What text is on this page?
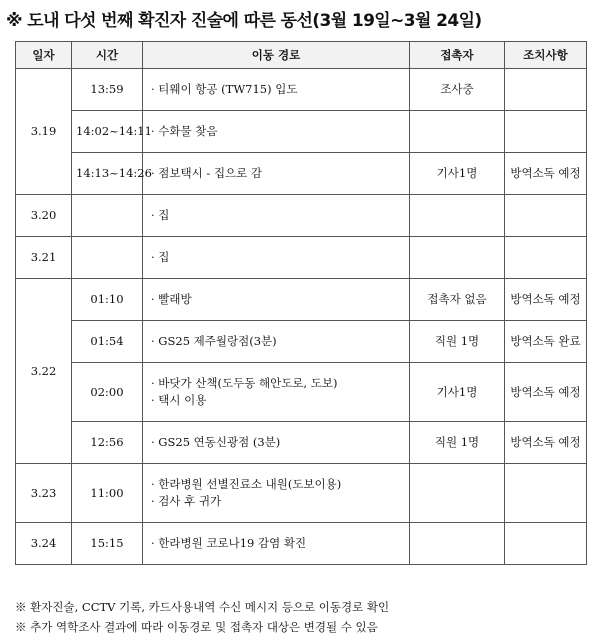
※ 도내 다섯 번째 확진자 진술에 따른 동선(3월 19일~3월 24일)
일자	시간	이동 경로	접촉자	조치사항
3.19	13:59	· 티웨이 항공 (TW715) 입도	조사중	
	14:02~14:11	· 수화물 찾음		

	14:13~14:26	· 점보택시 - 집으로 감	기사1명	방역소독 예정
3.20		· 집		

3.21		· 집		

3.22	01:10	· 빨래방	접촉자 없음	방역소독 예정
	01:54	· GS25 제주월랑점(3분)	직원 1명	방역소독 완료
	02:00	· 바닷가 산책(도두동 해안도로, 도보)
· 택시 이용	기사1명	방역소독 예정
	12:56	· GS25 연동신광점 (3분)	직원 1명	방역소독 예정
3.23	11:00	· 한라병원 선별진료소 내원(도보이용)
· 검사 후 귀가		

3.24	15:15	· 한라병원 코로나19 감염 확진		

※ 환자진술, CCTV 기록, 카드사용내역 수신 메시지 등으로 이동경로 확인
※ 추가 역학조사 결과에 따라 이동경로 및 접촉자 대상은 변경될 수 있음
